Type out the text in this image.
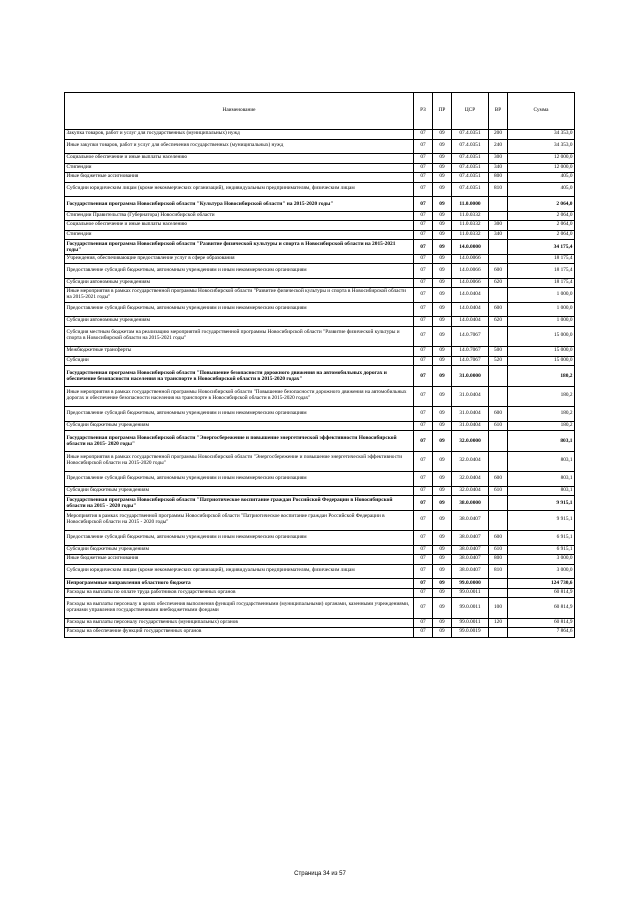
Наименование	РЗ	ПР	ЦСР	ВР	Сумма
Закупка товаров, работ и услуг для государственных (муниципальных) нужд	07	09	07.4.0351	200	34 353,0
Иные закупки товаров, работ и услуг для обеспечения государственных (муниципальных) нужд	07	09	07.4.0351	240	34 353,0
Социальное обеспечение и иные выплаты населению	07	09	07.4.0351	300	12 000,0
Стипендии	07	09	07.4.0351	340	12 000,0
Иные бюджетные ассигнования	07	09	07.4.0351	800	405,0
Субсидии юридическим лицам (кроме некоммерческих организаций), индивидуальным предпринимателям, физическим лицам	07	09	07.4.0351	810	405,0
Государственная программа Новосибирской области "Культура Новосибирской области" на 2015-2020 годы"	07	09	11.0.0000		2 064,0
Стипендии Правительства (Губернатора) Новосибирской области	07	09	11.0.0332		2 064,0
Социальное обеспечение и иные выплаты населению	07	09	11.0.0332	300	2 064,0
Стипендии	07	09	11.0.0332	340	2 064,0
Государственная программа Новосибирской области "Развитие физической культуры и спорта в Новосибирской области на 2015-2021 годы"	07	09	14.0.0000		34 175,4
Учреждения, обеспечивающие предоставление услуг в сфере образования	07	09	14.0.0066		18 175,4
Предоставление субсидий бюджетным, автономным учреждениям и иным некоммерческим организациям	07	09	14.0.0066	600	18 175,4
Субсидии автономным учреждениям	07	09	14.0.0066	620	18 175,4
Иные мероприятия в рамках государственной программы Новосибирской области "Развитие физической культуры и спорта в Новосибирской области на 2015-2021 годы"	07	09	14.0.0404		1 000,0
Предоставление субсидий бюджетным, автономным учреждениям и иным некоммерческим организациям	07	09	14.0.0404	600	1 000,0
Субсидии автономным учреждениям	07	09	14.0.0404	620	1 000,0
Субсидия местным бюджетам на реализацию мероприятий государственной программы Новосибирской области "Развитие физической культуры и спорта в Новосибирской области на 2015-2021 годы"	07	09	14.0.7067		15 000,0
Межбюджетные трансферты	07	09	14.0.7067	500	15 000,0
Субсидии	07	09	14.0.7067	520	15 000,0
Государственная программа Новосибирской области "Повышение безопасности дорожного движения на автомобильных дорогах и обеспечение безопасности населения на транспорте в Новосибирской области в 2015-2020 годах"	07	09	31.0.0000		180,2
Иные мероприятия в рамках государственной программы Новосибирской области "Повышение безопасности дорожного движения на автомобильных дорогах и обеспечение безопасности населения на транспорте в Новосибирской области в 2015-2020 годах"	07	09	31.0.0404		180,2
Предоставление субсидий бюджетным, автономным учреждениям и иным некоммерческим организациям	07	09	31.0.0404	600	180,2
Субсидии бюджетным учреждениям	07	09	31.0.0404	610	180,2
Государственная программа Новосибирской области "Энергосбережение и повышение энергетической эффективности Новосибирской области на 2015- 2020 годы"	07	09	32.0.0000		803,1
Иные мероприятия в рамках государственной программы Новосибирской области "Энергосбережение и повышение энергетической эффективности Новосибирской области на 2015-2020 годы"	07	09	32.0.0404		803,1
Предоставление субсидий бюджетным, автономным учреждениям и иным некоммерческим организациям	07	09	32.0.0404	600	803,1
Субсидии бюджетным учреждениям	07	09	32.0.0404	610	803,1
Государственная программа Новосибирской области "Патриотическое воспитание граждан Российской Федерации в Новосибирской области на 2015 - 2020 годы"	07	09	38.0.0000		9 915,1
Мероприятия в рамках государственной программы Новосибирской области "Патриотическое воспитание граждан Российской Федерации в Новосибирской области на 2015 - 2020 годы"	07	09	38.0.0407		9 915,1
Предоставление субсидий бюджетным, автономным учреждениям и иным некоммерческим организациям	07	09	38.0.0407	600	6 915,1
Субсидии бюджетным учреждениям	07	09	38.0.0407	610	6 915,1
Иные бюджетные ассигнования	07	09	38.0.0407	800	3 000,0
Субсидии юридическим лицам (кроме некоммерческих организаций), индивидуальным предпринимателям, физическим лицам	07	09	38.0.0407	810	3 000,0
Непрограммные направления областного бюджета	07	09	99.0.0000		124 730,6
Расходы на выплаты по оплате труда работников государственных органов	07	09	99.0.0011		60 814,9
Расходы на выплаты персоналу в целях обеспечения выполнения функций государственными (муниципальными) органами, казенными учреждениями, органами управления государственными внебюджетными фондами	07	09	99.0.0011	100	60 814,9
Расходы на выплаты персоналу государственных (муниципальных) органов	07	09	99.0.0011	120	60 814,9
Расходы на обеспечение функций государственных органов	07	09	99.0.0019		7 864,6
Страница 34 из 57
